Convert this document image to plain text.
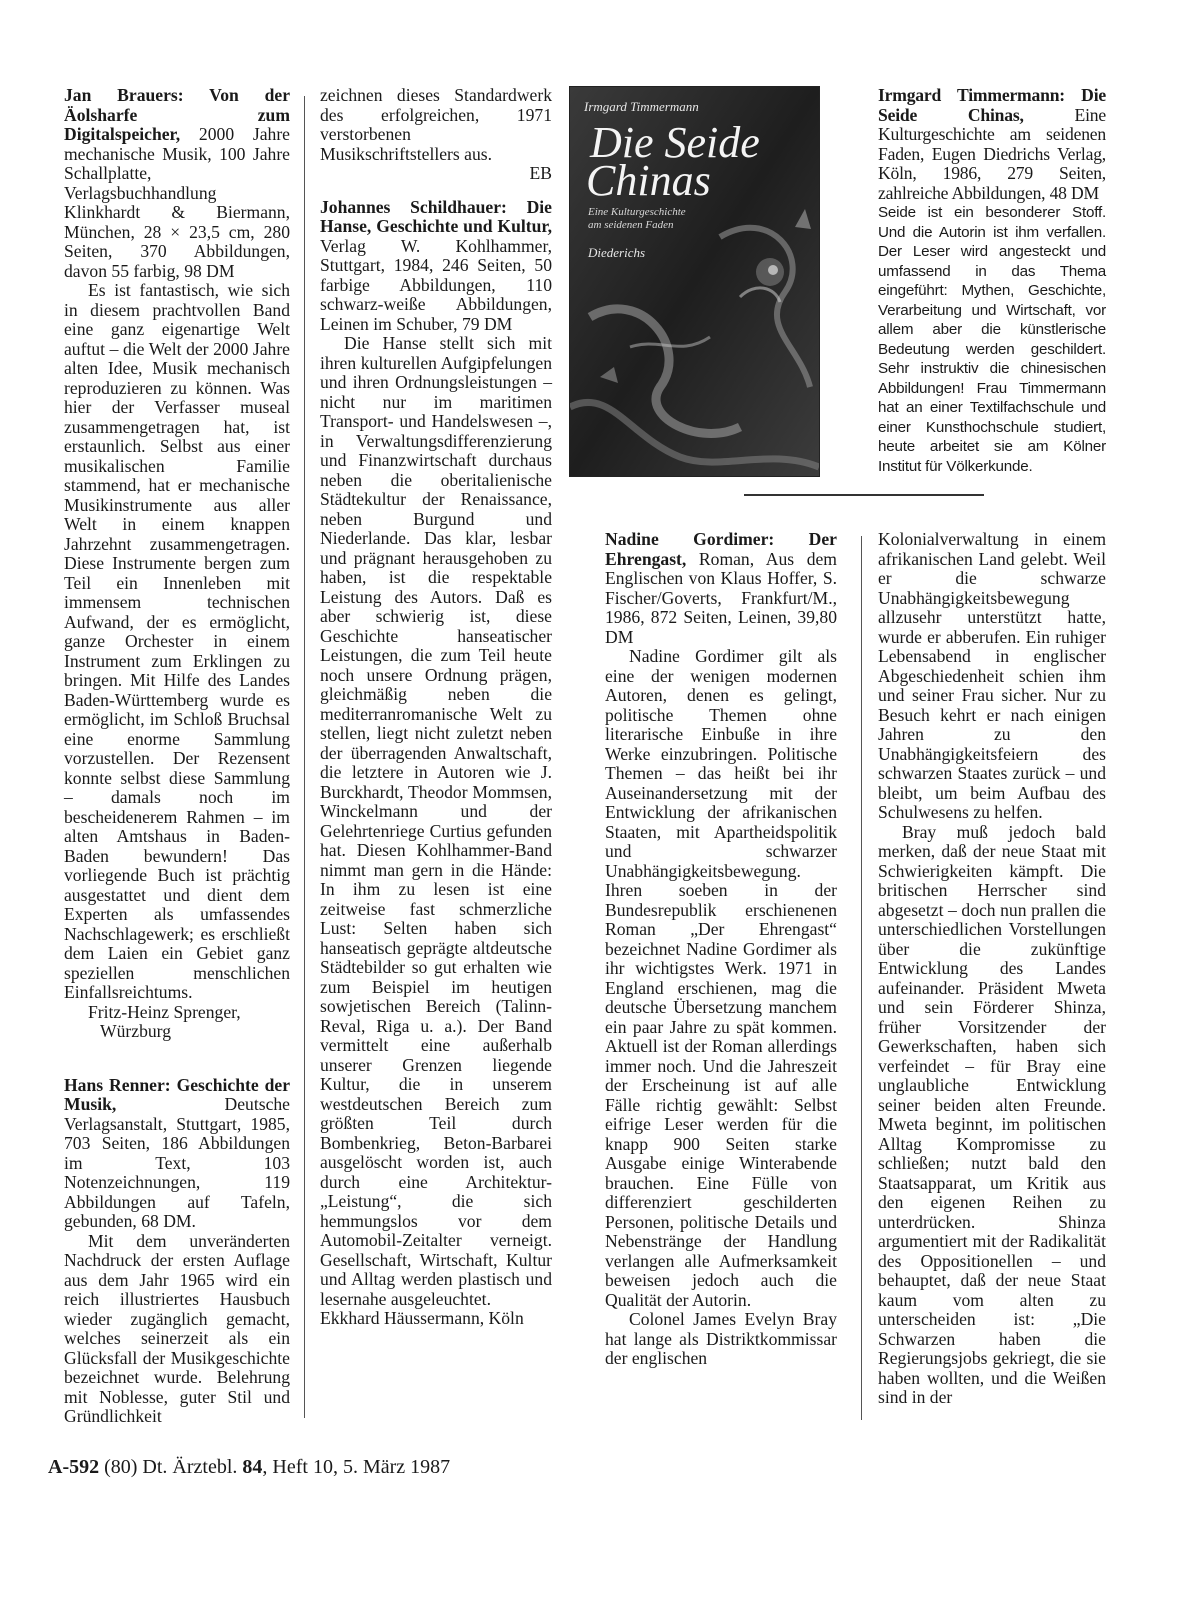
Jan Brauers: Von der Äolsharfe zum Digitalspeicher, 2000 Jahre mechanische Musik, 100 Jahre Schallplatte, Verlagsbuchhandlung Klinkhardt & Biermann, München, 28 × 23,5 cm, 280 Seiten, 370 Abbildungen, davon 55 farbig, 98 DM

Es ist fantastisch, wie sich in diesem prachtvollen Band eine ganz eigenartige Welt auftut – die Welt der 2000 Jahre alten Idee, Musik mechanisch reproduzieren zu können. Was hier der Verfasser museal zusammengetragen hat, ist erstaunlich. Selbst aus einer musikalischen Familie stammend, hat er mechanische Musikinstrumente aus aller Welt in einem knappen Jahrzehnt zusammengetragen. Diese Instrumente bergen zum Teil ein Innenleben mit immensem technischen Aufwand, der es ermöglicht, ganze Orchester in einem Instrument zum Erklingen zu bringen. Mit Hilfe des Landes Baden-Württemberg wurde es ermöglicht, im Schloß Bruchsal eine enorme Sammlung vorzustellen. Der Rezensent konnte selbst diese Sammlung – damals noch im bescheidenerem Rahmen – im alten Amtshaus in Baden-Baden bewundern! Das vorliegende Buch ist prächtig ausgestattet und dient dem Experten als umfassendes Nachschlagewerk; es erschließt dem Laien ein Gebiet ganz speziellen menschlichen Einfallsreichtums.

Fritz-Heinz Sprenger,

Würzburg

Hans Renner: Geschichte der Musik, Deutsche Verlagsanstalt, Stuttgart, 1985, 703 Seiten, 186 Abbildungen im Text, 103 Notenzeichnungen, 119 Abbildungen auf Tafeln, gebunden, 68 DM.

Mit dem unveränderten Nachdruck der ersten Auflage aus dem Jahr 1965 wird ein reich illustriertes Hausbuch wieder zugänglich gemacht, welches seinerzeit als ein Glücksfall der Musikgeschichte bezeichnet wurde. Belehrung mit Noblesse, guter Stil und Gründlichkeit

zeichnen dieses Standardwerk des erfolgreichen, 1971 verstorbenen Musikschriftstellers aus.

EB

Johannes Schildhauer: Die Hanse, Geschichte und Kultur, Verlag W. Kohlhammer, Stuttgart, 1984, 246 Seiten, 50 farbige Abbildungen, 110 schwarz-weiße Abbildungen, Leinen im Schuber, 79 DM

Die Hanse stellt sich mit ihren kulturellen Aufgipfelungen und ihren Ordnungsleistungen – nicht nur im maritimen Transport- und Handelswesen –, in Verwaltungsdifferenzierung und Finanzwirtschaft durchaus neben die oberitalienische Städtekultur der Renaissance, neben Burgund und Niederlande. Das klar, lesbar und prägnant herausgehoben zu haben, ist die respektable Leistung des Autors. Daß es aber schwierig ist, diese Geschichte hanseatischer Leistungen, die zum Teil heute noch unsere Ordnung prägen, gleichmäßig neben die mediterranromanische Welt zu stellen, liegt nicht zuletzt neben der überragenden Anwaltschaft, die letztere in Autoren wie J. Burckhardt, Theodor Mommsen, Winckelmann und der Gelehrtenriege Curtius gefunden hat. Diesen Kohlhammer-Band nimmt man gern in die Hände: In ihm zu lesen ist eine zeitweise fast schmerzliche Lust: Selten haben sich hanseatisch geprägte altdeutsche Städtebilder so gut erhalten wie zum Beispiel im heutigen sowjetischen Bereich (Talinn-Reval, Riga u. a.). Der Band vermittelt eine außerhalb unserer Grenzen liegende Kultur, die in unserem westdeutschen Bereich zum größten Teil durch Bombenkrieg, Beton-Barbarei ausgelöscht worden ist, auch durch eine Architektur-„Leistung“, die sich hemmungslos vor dem Automobil-Zeitalter verneigt. Gesellschaft, Wirtschaft, Kultur und Alltag werden plastisch und lesernahe ausgeleuchtet.

Ekkhard Häussermann, Köln

Irmgard Timmermann
Die Seide
Chinas
Eine Kulturgeschichte
am seidenen Faden
Diederichs

Irmgard Timmermann: Die Seide Chinas, Eine Kulturgeschichte am seidenen Faden, Eugen Diedrichs Verlag, Köln, 1986, 279 Seiten, zahlreiche Abbildungen, 48 DM

Seide ist ein besonderer Stoff. Und die Autorin ist ihm verfallen. Der Leser wird angesteckt und umfassend in das Thema eingeführt: Mythen, Geschichte, Verarbeitung und Wirtschaft, vor allem aber die künstlerische Bedeutung werden geschildert. Sehr instruktiv die chinesischen Abbildungen! Frau Timmermann hat an einer Textilfachschule und einer Kunsthochschule studiert, heute arbeitet sie am Kölner Institut für Völkerkunde.

Nadine Gordimer: Der Ehrengast, Roman, Aus dem Englischen von Klaus Hoffer, S. Fischer/Goverts, Frankfurt/M., 1986, 872 Seiten, Leinen, 39,80 DM

Nadine Gordimer gilt als eine der wenigen modernen Autoren, denen es gelingt, politische Themen ohne literarische Einbuße in ihre Werke einzubringen. Politische Themen – das heißt bei ihr Auseinandersetzung mit der Entwicklung der afrikanischen Staaten, mit Apartheidspolitik und schwarzer Unabhängigkeitsbewegung. Ihren soeben in der Bundesrepublik erschienenen Roman „Der Ehrengast“ bezeichnet Nadine Gordimer als ihr wichtigstes Werk. 1971 in England erschienen, mag die deutsche Übersetzung manchem ein paar Jahre zu spät kommen. Aktuell ist der Roman allerdings immer noch. Und die Jahreszeit der Erscheinung ist auf alle Fälle richtig gewählt: Selbst eifrige Leser werden für die knapp 900 Seiten starke Ausgabe einige Winterabende brauchen. Eine Fülle von differenziert geschilderten Personen, politische Details und Nebenstränge der Handlung verlangen alle Aufmerksamkeit beweisen jedoch auch die Qualität der Autorin.

Colonel James Evelyn Bray hat lange als Distriktkommissar der englischen

Kolonialverwaltung in einem afrikanischen Land gelebt. Weil er die schwarze Unabhängigkeitsbewegung allzusehr unterstützt hatte, wurde er abberufen. Ein ruhiger Lebensabend in englischer Abgeschiedenheit schien ihm und seiner Frau sicher. Nur zu Besuch kehrt er nach einigen Jahren zu den Unabhängigkeitsfeiern des schwarzen Staates zurück – und bleibt, um beim Aufbau des Schulwesens zu helfen.

Bray muß jedoch bald merken, daß der neue Staat mit Schwierigkeiten kämpft. Die britischen Herrscher sind abgesetzt – doch nun prallen die unterschiedlichen Vorstellungen über die zukünftige Entwicklung des Landes aufeinander. Präsident Mweta und sein Förderer Shinza, früher Vorsitzender der Gewerkschaften, haben sich verfeindet – für Bray eine unglaubliche Entwicklung seiner beiden alten Freunde. Mweta beginnt, im politischen Alltag Kompromisse zu schließen; nutzt bald den Staatsapparat, um Kritik aus den eigenen Reihen zu unterdrücken. Shinza argumentiert mit der Radikalität des Oppositionellen – und behauptet, daß der neue Staat kaum vom alten zu unterscheiden ist: „Die Schwarzen haben die Regierungsjobs gekriegt, die sie haben wollten, und die Weißen sind in der

A-592 (80) Dt. Ärztebl. 84, Heft 10, 5. März 1987
